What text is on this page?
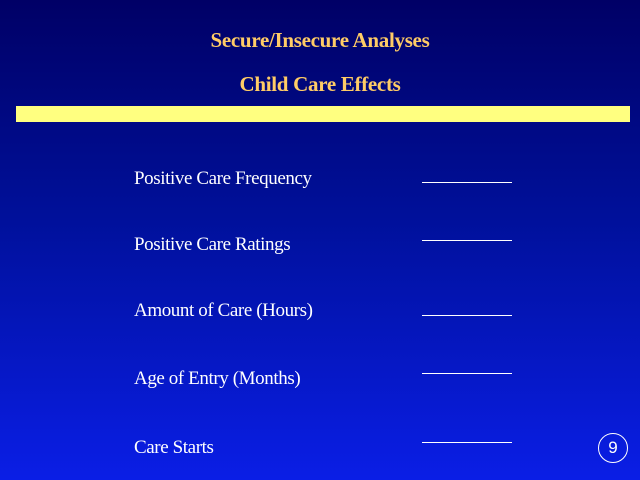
Secure/Insecure Analyses
Child Care Effects
Positive Care Frequency
Positive Care Ratings
Amount of Care (Hours)
Age of Entry (Months)
Care Starts	9
